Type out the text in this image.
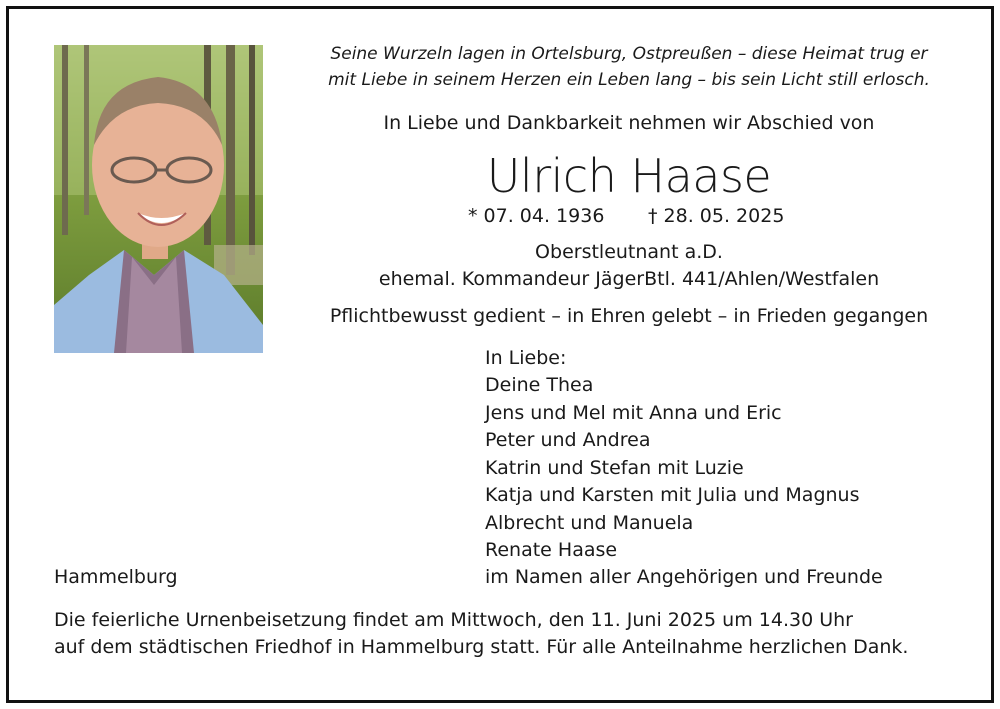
Seine Wurzeln lagen in Ortelsburg, Ostpreußen – diese Heimat trug er
mit Liebe in seinem Herzen ein Leben lang – bis sein Licht still erlosch.
In Liebe und Dankbarkeit nehmen wir Abschied von
Ulrich Haase
* 07. 04. 1936 † 28. 05. 2025
Oberstleutnant a.D.
ehemal. Kommandeur JägerBtl. 441/Ahlen/Westfalen
Pflichtbewusst gedient – in Ehren gelebt – in Frieden gegangen
In Liebe:
Deine Thea
Jens und Mel mit Anna und Eric
Peter und Andrea
Katrin und Stefan mit Luzie
Katja und Karsten mit Julia und Magnus
Albrecht und Manuela
Renate Haase
im Namen aller Angehörigen und Freunde
Hammelburg
Die feierliche Urnenbeisetzung findet am Mittwoch, den 11. Juni 2025 um 14.30 Uhr
auf dem städtischen Friedhof in Hammelburg statt. Für alle Anteilnahme herzlichen Dank.
